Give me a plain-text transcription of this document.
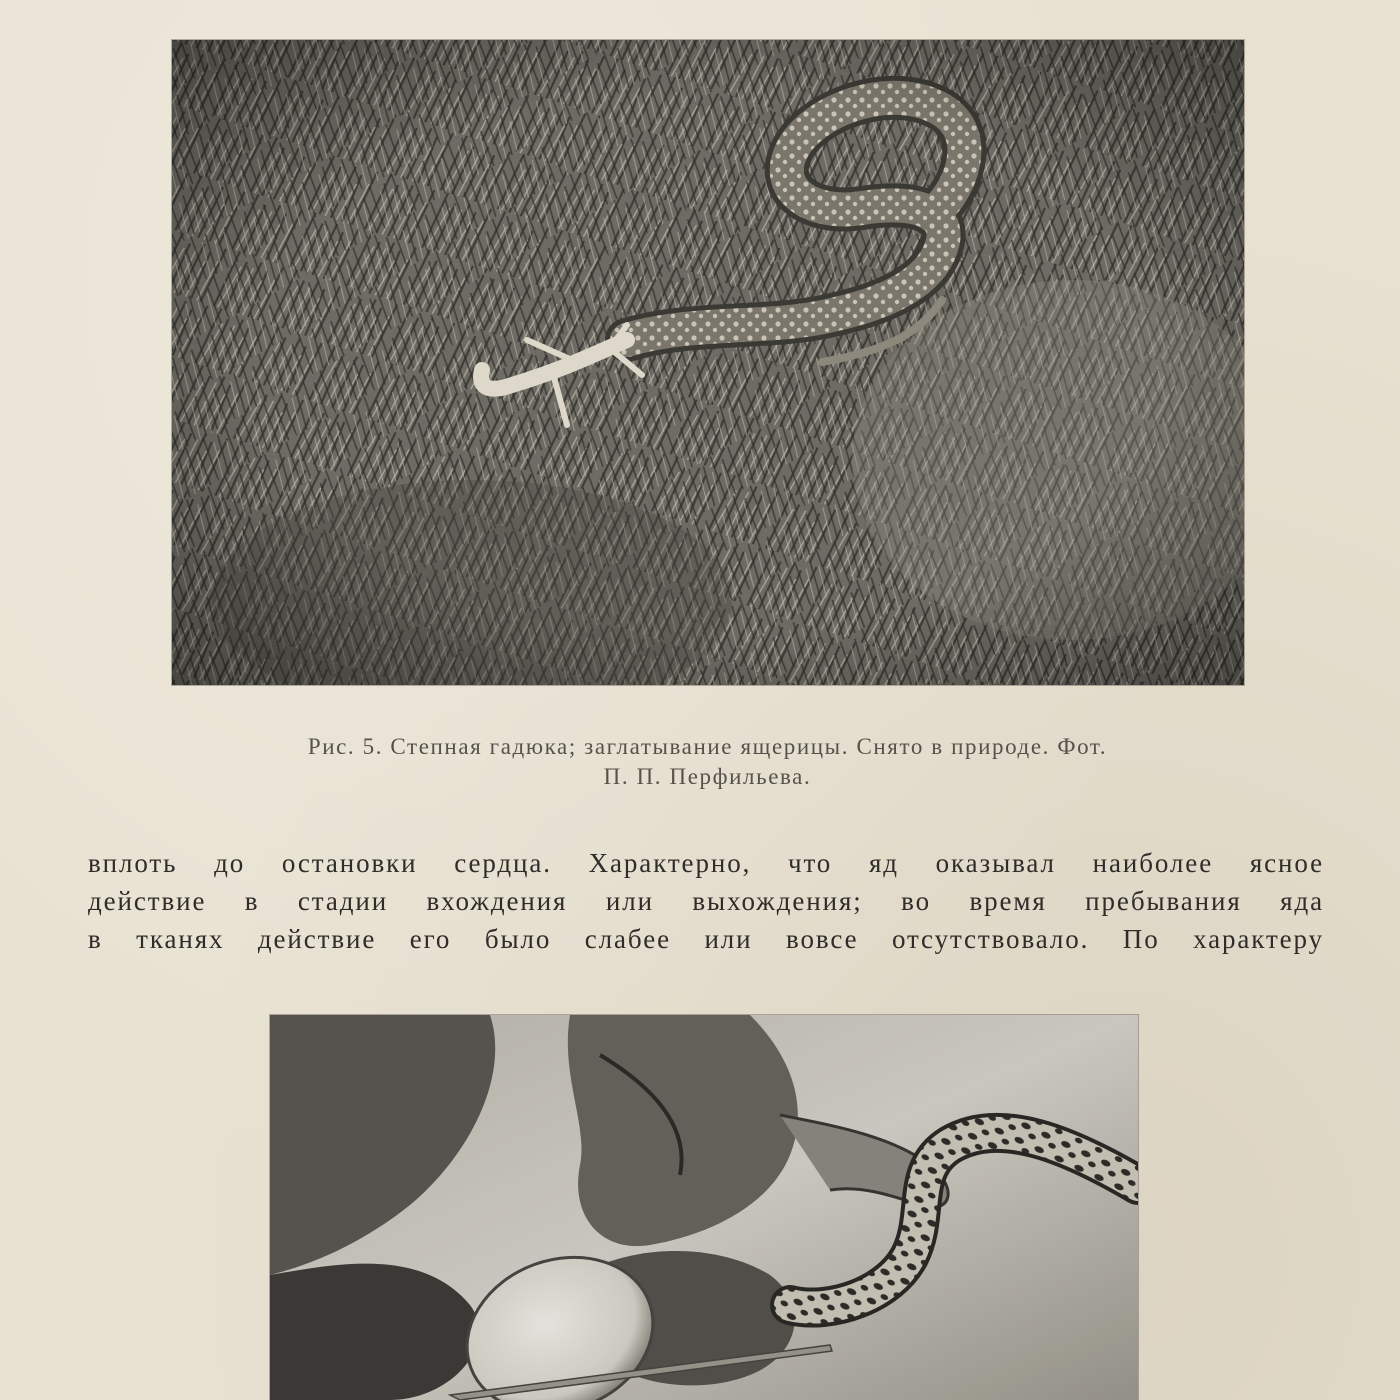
Рис. 5. Степная гадюка; заглатывание ящерицы. Снято в природе. Фот.
П. П. Перфильева.
вплоть до остановки сердца. Характерно, что яд оказывал наиболее ясное
действие в стадии вхождения или выхождения; во время пребывания яда
в тканях действие его было слабее или вовсе отсутствовало. По характеру
